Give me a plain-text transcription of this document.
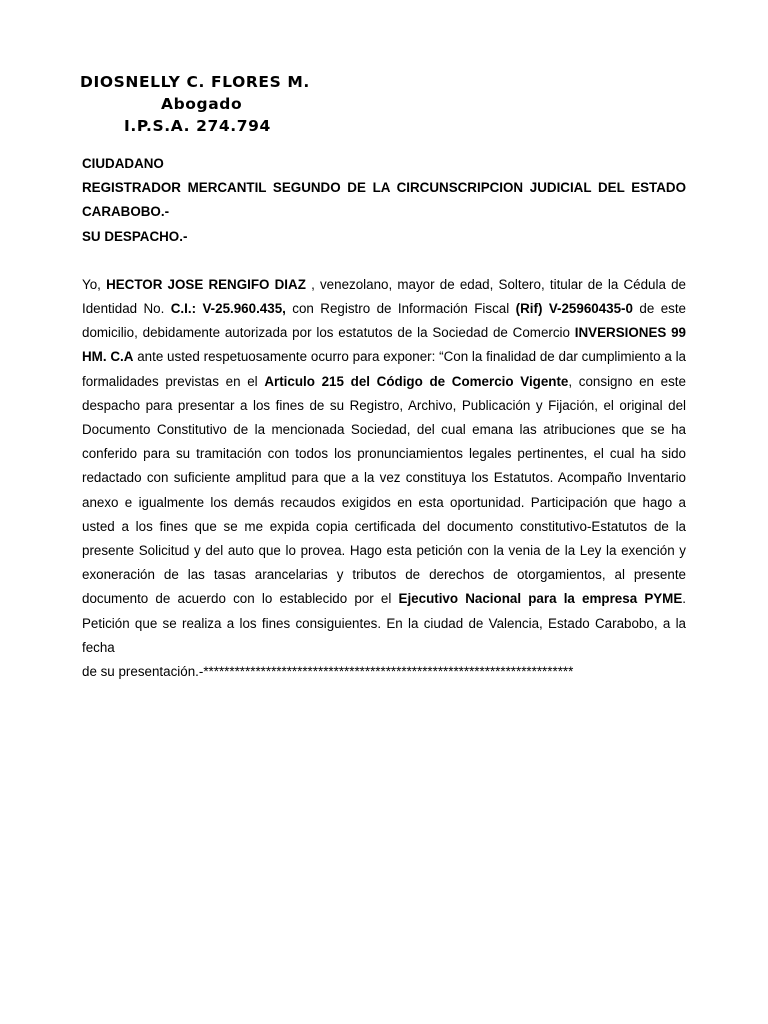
DIOSNELLY C. FLORES M.
Abogado
I.P.S.A. 274.794
CIUDADANO
REGISTRADOR MERCANTIL SEGUNDO DE LA CIRCUNSCRIPCION JUDICIAL DEL ESTADO CARABOBO.-
SU DESPACHO.-
Yo, HECTOR JOSE RENGIFO DIAZ , venezolano, mayor de edad, Soltero, titular de la Cédula de Identidad No. C.I.: V-25.960.435, con Registro de Información Fiscal (Rif) V-25960435-0 de este domicilio, debidamente autorizada por los estatutos de la Sociedad de Comercio INVERSIONES 99 HM. C.A ante usted respetuosamente ocurro para exponer: “Con la finalidad de dar cumplimiento a la formalidades previstas en el Articulo 215 del Código de Comercio Vigente, consigno en este despacho para presentar a los fines de su Registro, Archivo, Publicación y Fijación, el original del Documento Constitutivo de la mencionada Sociedad, del cual emana las atribuciones que se ha conferido para su tramitación con todos los pronunciamientos legales pertinentes, el cual ha sido redactado con suficiente amplitud para que a la vez constituya los Estatutos. Acompaño Inventario anexo e igualmente los demás recaudos exigidos en esta oportunidad. Participación que hago a usted a los fines que se me expida copia certificada del documento constitutivo-Estatutos de la presente Solicitud y del auto que lo provea. Hago esta petición con la venia de la Ley la exención y exoneración de las tasas arancelarias y tributos de derechos de otorgamientos, al presente documento de acuerdo con lo establecido por el Ejecutivo Nacional para la empresa PYME. Petición que se realiza a los fines consiguientes. En la ciudad de Valencia, Estado Carabobo, a la fecha
de su presentación.-***********************************************************************
